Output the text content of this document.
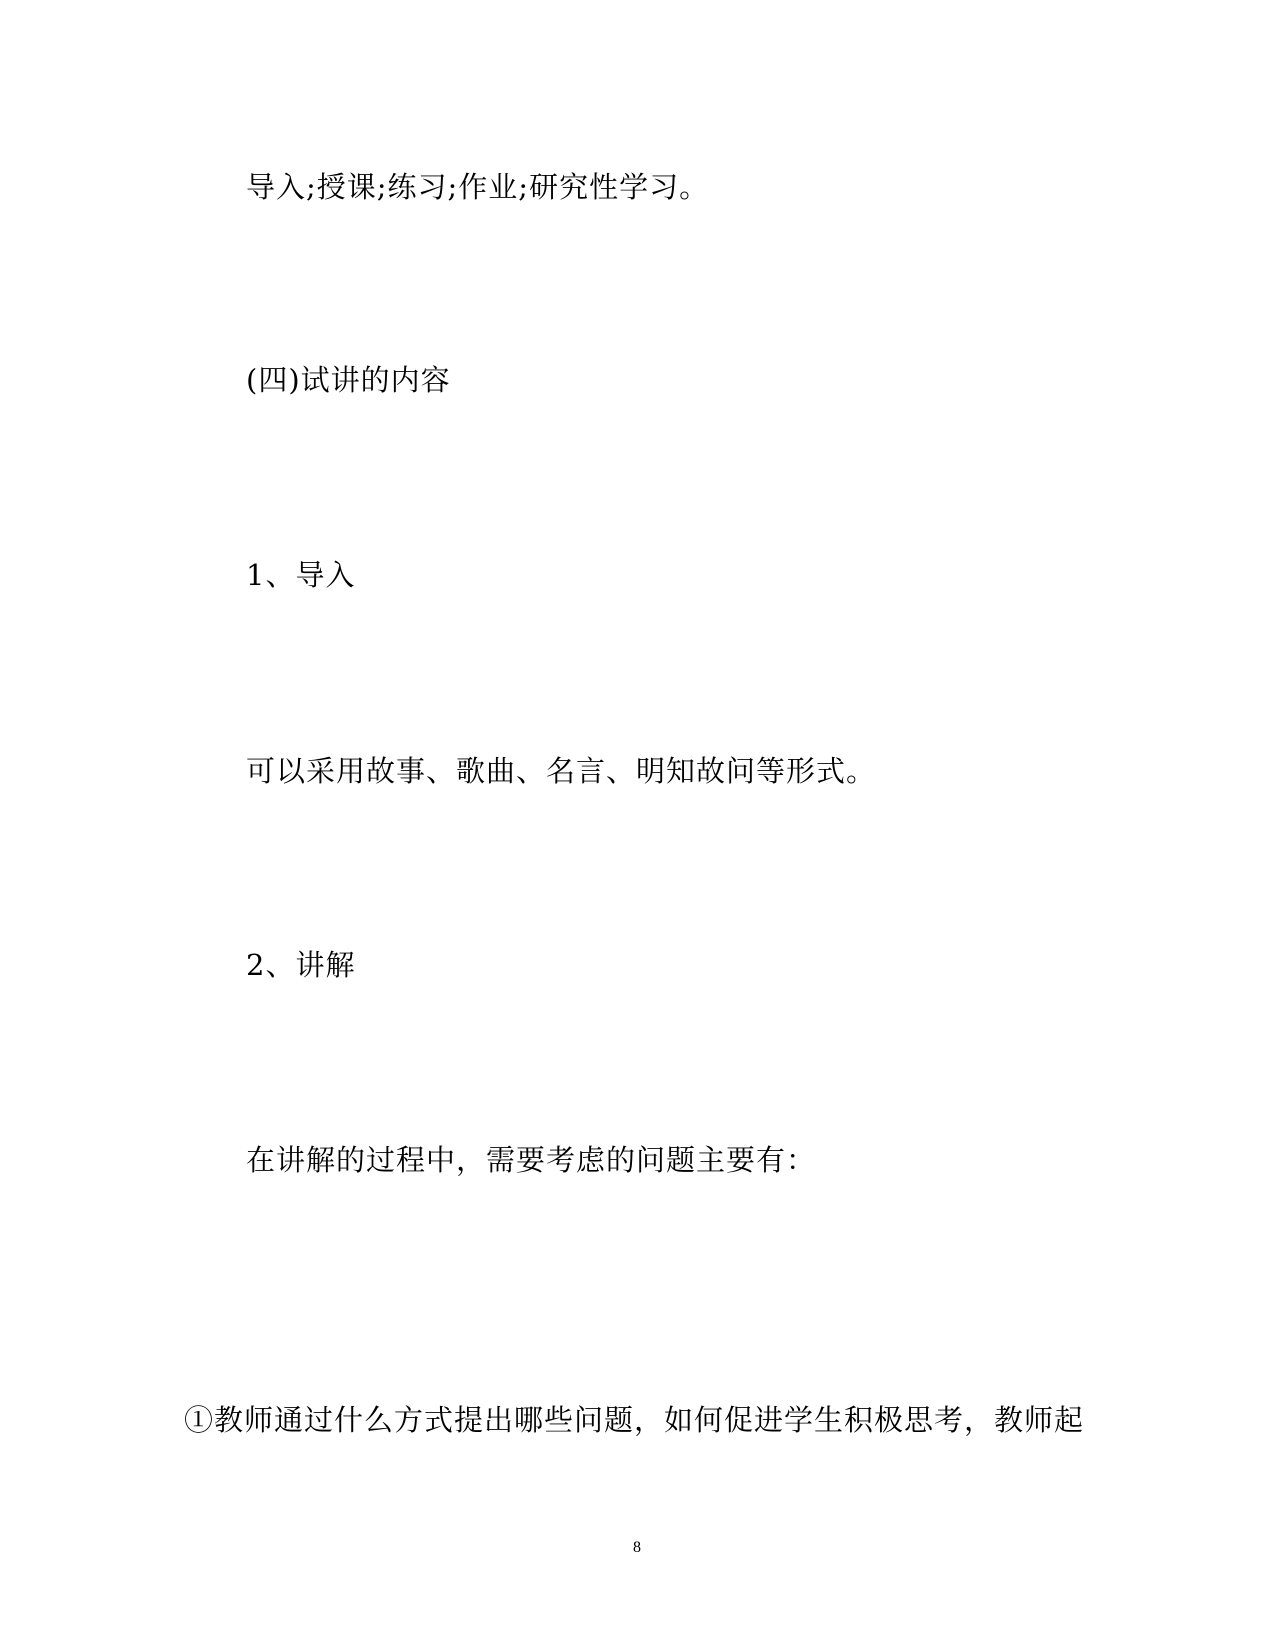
导入;授课;练习;作业;研究性学习。
(四)试讲的内容
1、导入
可以采用故事、歌曲、名言、明知故问等形式。
2、讲解
在讲解的过程中，需要考虑的问题主要有：
①教师通过什么方式提出哪些问题，如何促进学生积极思考，教师起
8
